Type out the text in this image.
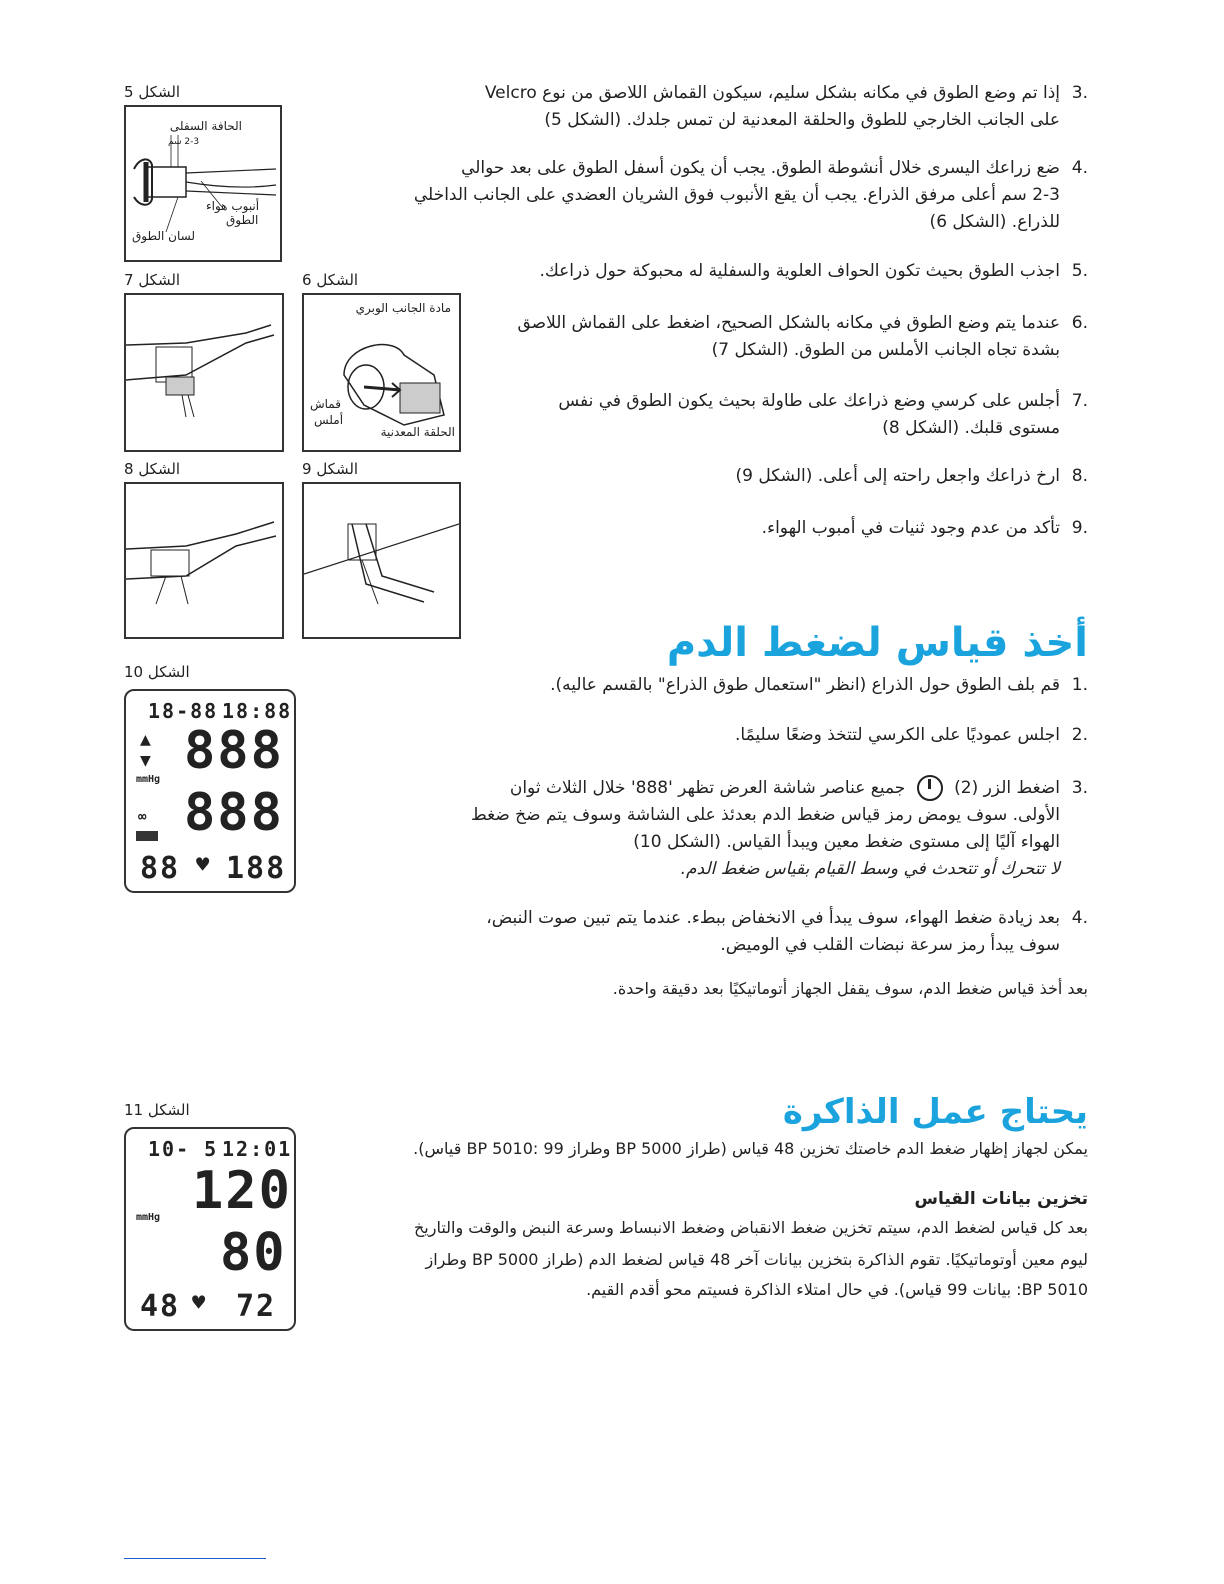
.3إذا تم وضع الطوق في مكانه بشكل سليم، سيكون القماش اللاصق من نوع Velcro
على الجانب الخارجي للطوق والحلقة المعدنية لن تمس جلدك. (الشكل 5)
.4ضع زراعك اليسرى خلال أنشوطة الطوق. يجب أن يكون أسفل الطوق على بعد حوالي
2-3 سم أعلى مرفق الذراع. يجب أن يقع الأنبوب فوق الشريان العضدي على الجانب الداخلي
للذراع. (الشكل 6)
.5اجذب الطوق بحيث تكون الحواف العلوية والسفلية له محبوكة حول ذراعك.
.6عندما يتم وضع الطوق في مكانه بالشكل الصحيح، اضغط على القماش اللاصق
بشدة تجاه الجانب الأملس من الطوق. (الشكل 7)
.7أجلس على كرسي وضع ذراعك على طاولة بحيث يكون الطوق في نفس
مستوى قلبك. (الشكل 8)
.8ارخ ذراعك واجعل راحته إلى أعلى. (الشكل 9)
.9تأكد من عدم وجود ثنيات في أمبوب الهواء.
الشكل 5
الحافة السفلى
2-3 سم
أنبوب هواء
الطوق
لسان الطوق
الشكل 6
مادة الجانب الوبري
قماش
أملس
الحلقة المعدنية
الشكل 7
الشكل 8	الشكل 9
أخذ قياس لضغط الدم
.1قم بلف الطوق حول الذراع (انظر "استعمال طوق الذراع" بالقسم عاليه).
.2اجلس عموديًا على الكرسي لتتخذ وضعًا سليمًا.
.3اضغط الزر (2)
جميع عناصر شاشة العرض تظهر '888' خلال الثلاث ثوان
الأولى. سوف يومض رمز قياس ضغط الدم بعدئذ على الشاشة وسوف يتم ضخ ضغط
الهواء آليًا إلى مستوى ضغط معين ويبدأ القياس. (الشكل 10)
لا تتحرك أو تتحدث في وسط القيام بقياس ضغط الدم.
.4بعد زيادة ضغط الهواء، سوف يبدأ في الانخفاض ببطء. عندما يتم تبين صوت النبض،
سوف يبدأ رمز سرعة نبضات القلب في الوميض.
بعد أخذ قياس ضغط الدم، سوف يقفل الجهاز أتوماتيكيًا بعد دقيقة واحدة.
الشكل 10
18-88 18:88
▲
▼ 888
mmHg
∞ 888
88 ♥ 188
يحتاج عمل الذاكرة
يمكن لجهاز إظهار ضغط الدم خاصتك تخزين 48 قياس (طراز BP 5000 وطراز 99 :BP 5010 قياس).
تخزين بيانات القياس
بعد كل قياس لضغط الدم، سيتم تخزين ضغط الانقباض وضغط الانبساط وسرعة النبض والوقت والتاريخ
ليوم معين أوتوماتيكيًا. تقوم الذاكرة بتخزين بيانات آخر 48 قياس لضغط الدم (طراز BP 5000 وطراز
BP 5010: بيانات 99 قياس). في حال امتلاء الذاكرة فسيتم محو أقدم القيم.
الشكل 11
10- 5 12:01
120
mmHg
80
48 ♥ 72
